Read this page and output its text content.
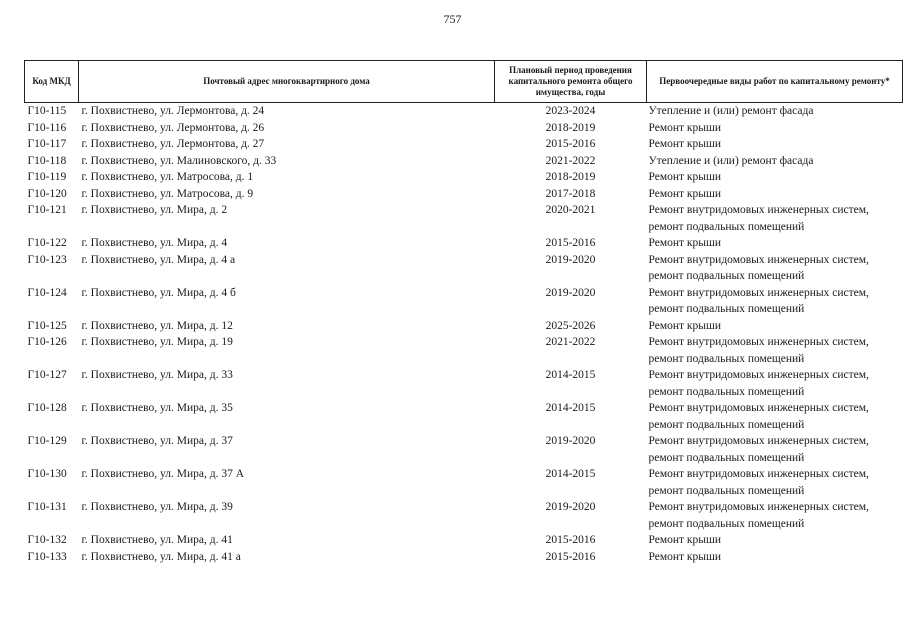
757
Код МКД	Почтовый адрес многоквартирного дома	Плановый период проведения капитального ремонта общего имущества, годы	Первоочередные виды работ по капитальному ремонту*
Г10-115	г. Похвистнево, ул. Лермонтова, д. 24	2023-2024	Утепление и (или) ремонт фасада

Г10-116	г. Похвистнево, ул. Лермонтова, д. 26	2018-2019	Ремонт крыши

Г10-117	г. Похвистнево, ул. Лермонтова, д. 27	2015-2016	Ремонт крыши

Г10-118	г. Похвистнево, ул. Малиновского, д. 33	2021-2022	Утепление и (или) ремонт фасада

Г10-119	г. Похвистнево, ул. Матросова, д. 1	2018-2019	Ремонт крыши

Г10-120	г. Похвистнево, ул. Матросова, д. 9	2017-2018	Ремонт крыши

Г10-121	г. Похвистнево, ул. Мира, д. 2	2020-2021	Ремонт внутридомовых инженерных систем,
ремонт подвальных помещений

Г10-122	г. Похвистнево, ул. Мира, д. 4	2015-2016	Ремонт крыши

Г10-123	г. Похвистнево, ул. Мира, д. 4 а	2019-2020	Ремонт внутридомовых инженерных систем,
ремонт подвальных помещений

Г10-124	г. Похвистнево, ул. Мира, д. 4 б	2019-2020	Ремонт внутридомовых инженерных систем,
ремонт подвальных помещений

Г10-125	г. Похвистнево, ул. Мира, д. 12	2025-2026	Ремонт крыши

Г10-126	г. Похвистнево, ул. Мира, д. 19	2021-2022	Ремонт внутридомовых инженерных систем,
ремонт подвальных помещений

Г10-127	г. Похвистнево, ул. Мира, д. 33	2014-2015	Ремонт внутридомовых инженерных систем,
ремонт подвальных помещений

Г10-128	г. Похвистнево, ул. Мира, д. 35	2014-2015	Ремонт внутридомовых инженерных систем,
ремонт подвальных помещений

Г10-129	г. Похвистнево, ул. Мира, д. 37	2019-2020	Ремонт внутридомовых инженерных систем,
ремонт подвальных помещений

Г10-130	г. Похвистнево, ул. Мира, д. 37 А	2014-2015	Ремонт внутридомовых инженерных систем,
ремонт подвальных помещений

Г10-131	г. Похвистнево, ул. Мира, д. 39	2019-2020	Ремонт внутридомовых инженерных систем,
ремонт подвальных помещений

Г10-132	г. Похвистнево, ул. Мира, д. 41	2015-2016	Ремонт крыши

Г10-133	г. Похвистнево, ул. Мира, д. 41 а	2015-2016	Ремонт крыши
